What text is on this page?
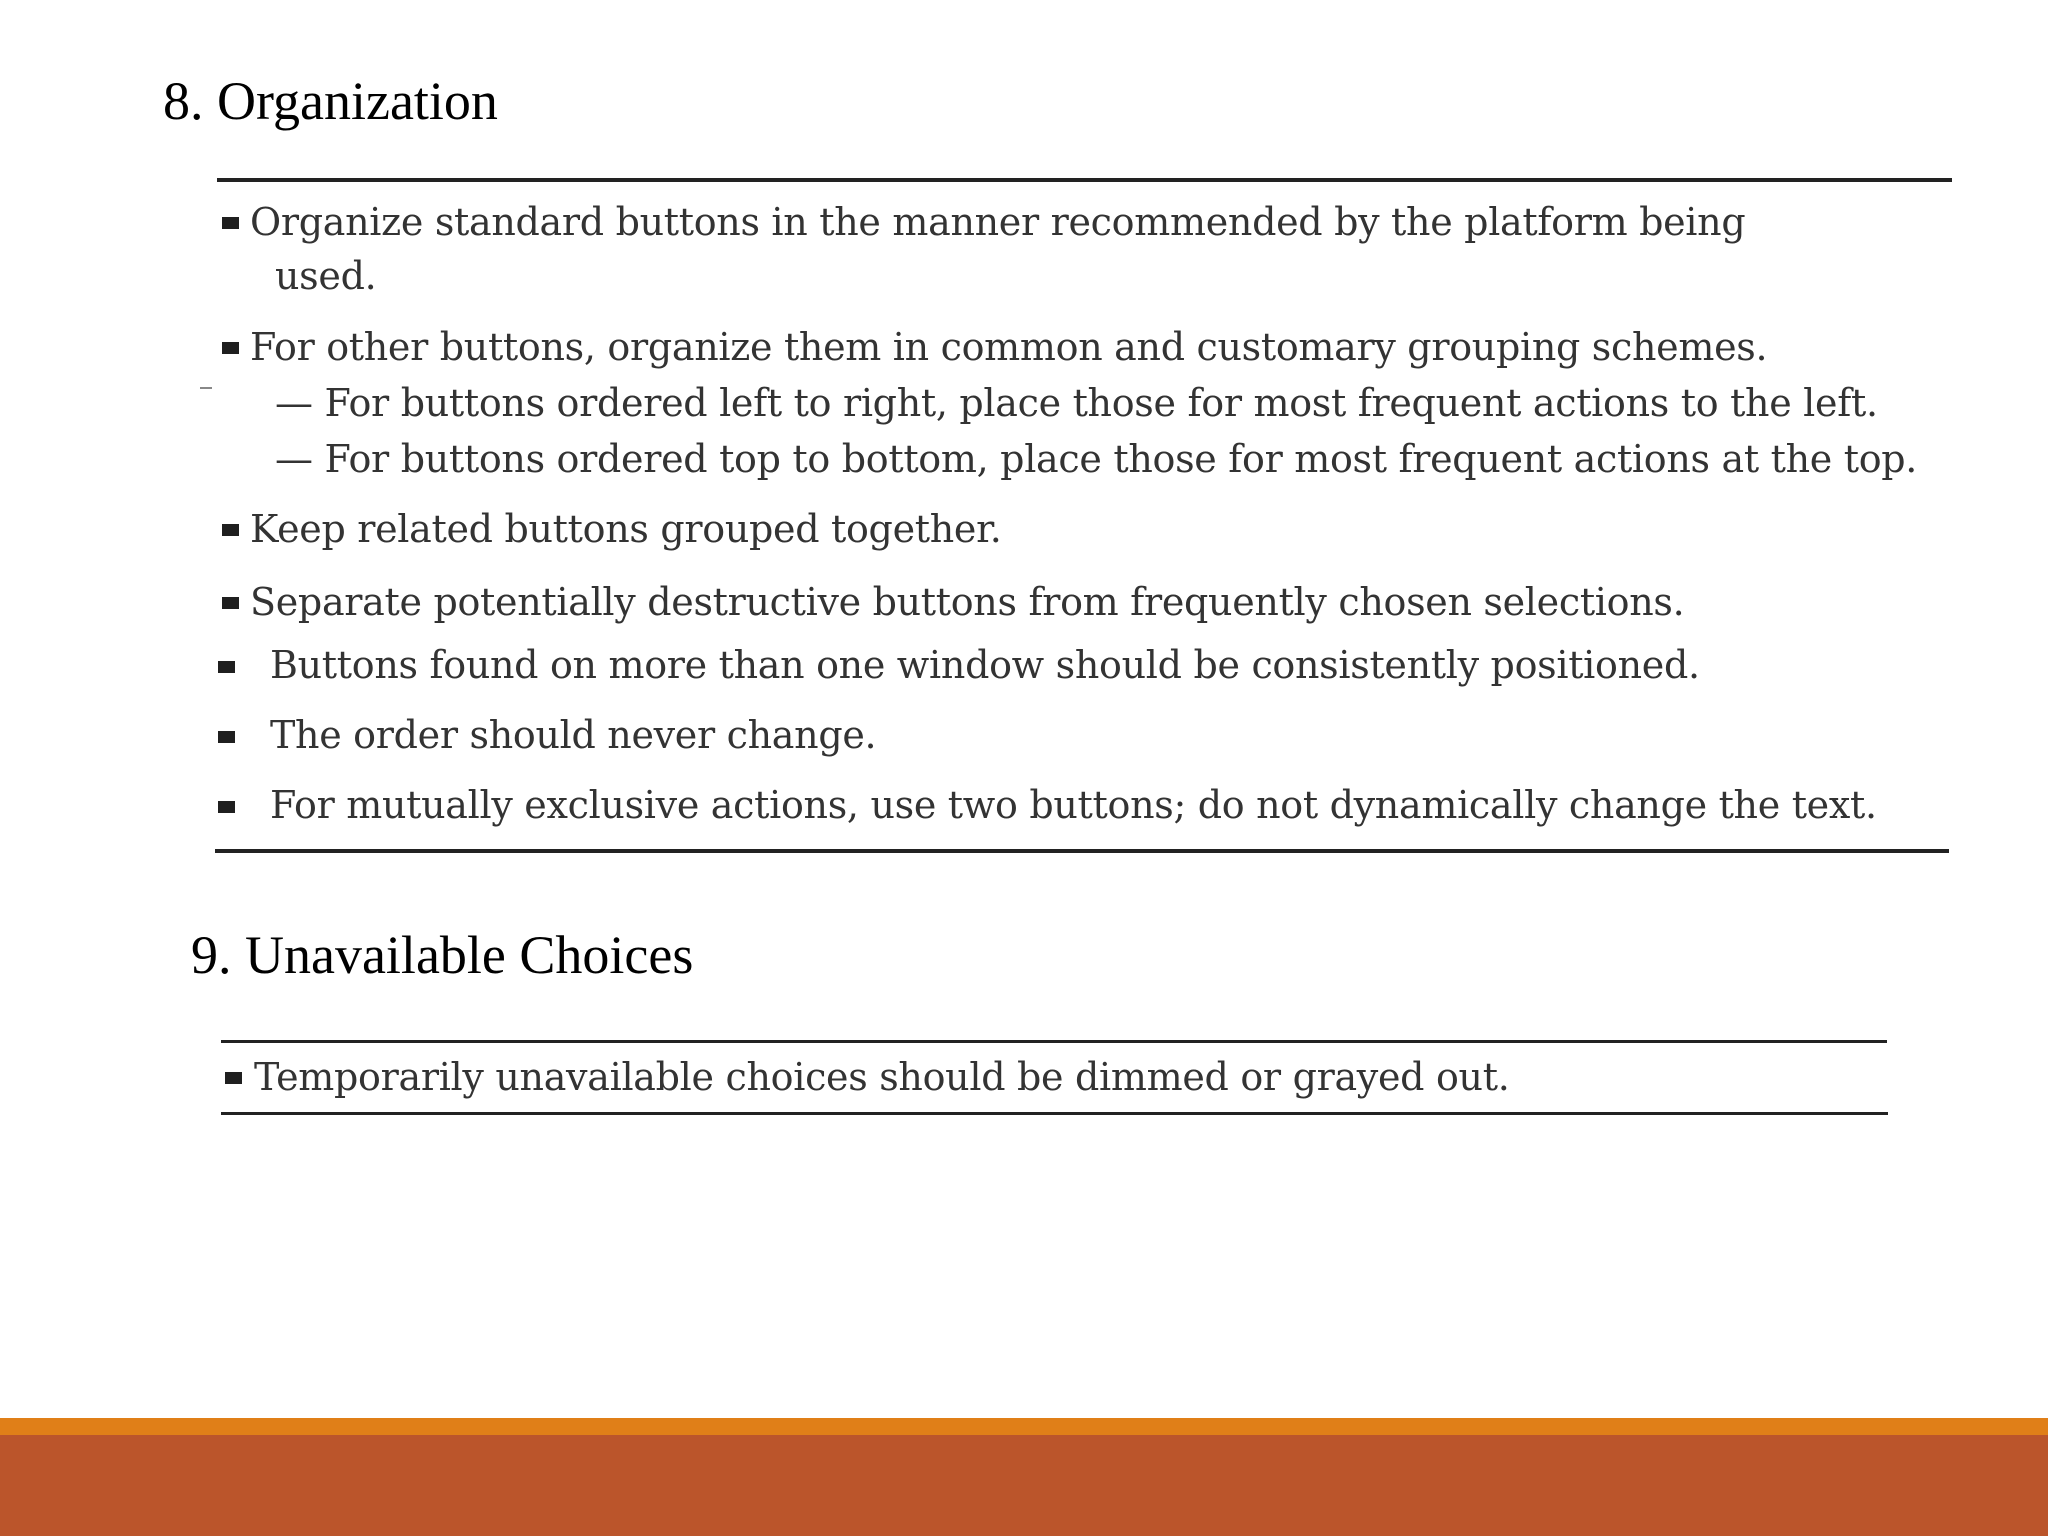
8. Organization
Organize standard buttons in the manner recommended by the platform being
used.
For other buttons, organize them in common and customary grouping schemes.
— For buttons ordered left to right, place those for most frequent actions to the left.
— For buttons ordered top to bottom, place those for most frequent actions at the top.
Keep related buttons grouped together.
Separate potentially destructive buttons from frequently chosen selections.
Buttons found on more than one window should be consistently positioned.
The order should never change.
For mutually exclusive actions, use two buttons; do not dynamically change the text.
9. Unavailable Choices
Temporarily unavailable choices should be dimmed or grayed out.
